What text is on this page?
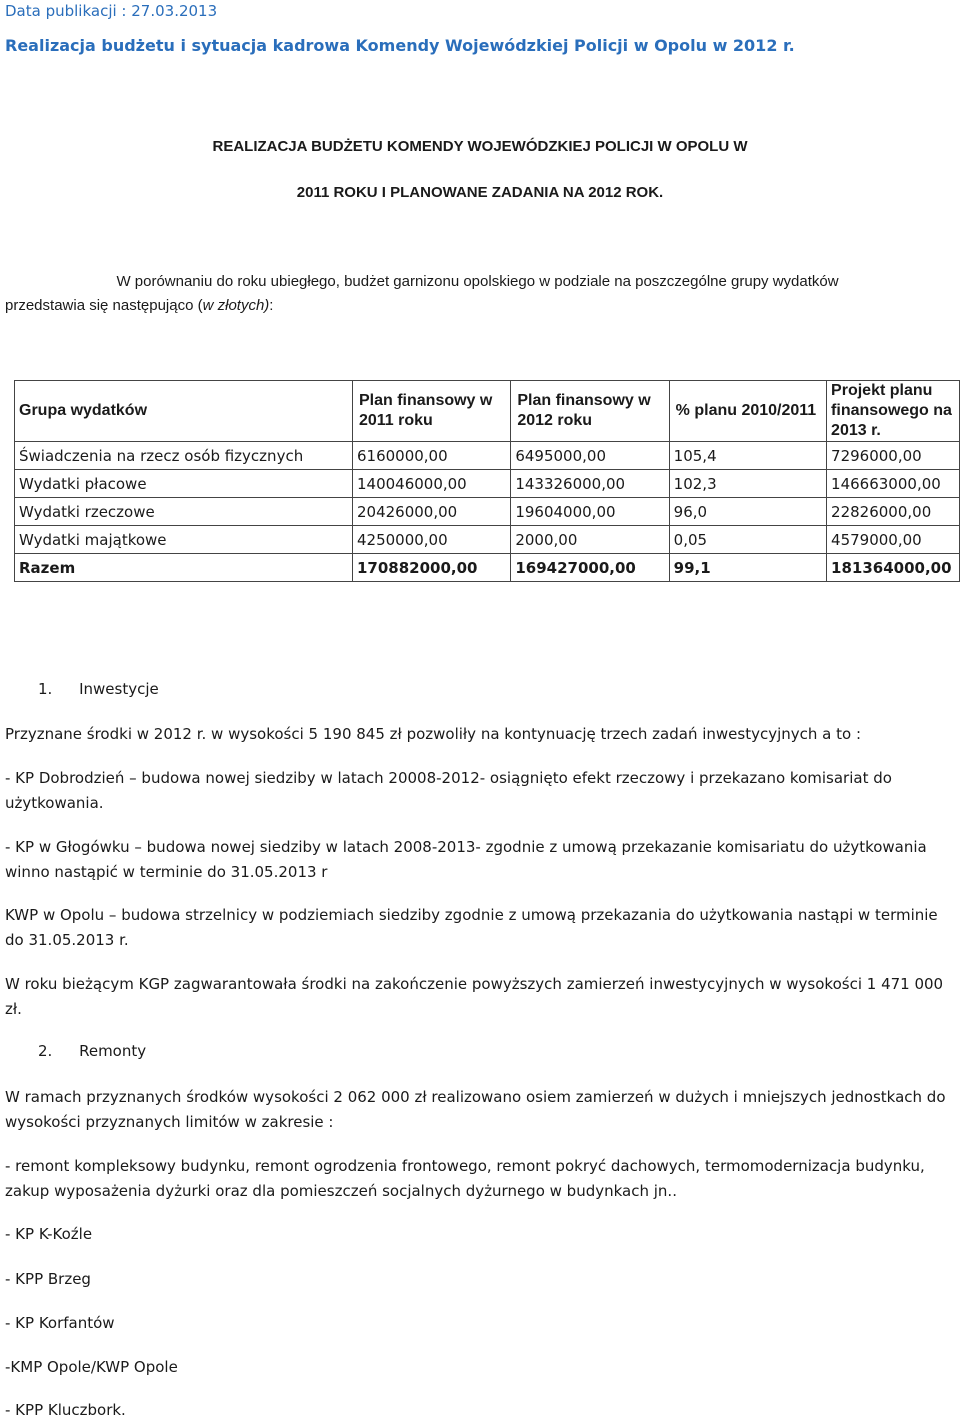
Data publikacji : 27.03.2013
Realizacja budżetu i sytuacja kadrowa Komendy Wojewódzkiej Policji w Opolu w 2012 r.
REALIZACJA BUDŻETU KOMENDY WOJEWÓDZKIEJ POLICJI W OPOLU W
2011 ROKU I PLANOWANE ZADANIA NA 2012 ROK.
W porównaniu do roku ubiegłego, budżet garnizonu opolskiego w podziale na poszczególne grupy wydatków
przedstawia się następująco (w złotych):
Grupa wydatków	Plan finansowy w 2011 roku	Plan finansowy w 2012 roku	% planu 2010/2011	Projekt planu finansowego na 2013 r.
Świadczenia na rzecz osób fizycznych	6160000,00	6495000,00	105,4	7296000,00
Wydatki płacowe	140046000,00	143326000,00	102,3	146663000,00
Wydatki rzeczowe	20426000,00	19604000,00	96,0	22826000,00
Wydatki majątkowe	4250000,00	2000,00	0,05	4579000,00
Razem	170882000,00	169427000,00	99,1	181364000,00
1. Inwestycje
Przyznane środki w 2012 r. w wysokości 5 190 845 zł pozwoliły na kontynuację trzech zadań inwestycyjnych a to :
- KP Dobrodzień – budowa nowej siedziby w latach 20008-2012- osiągnięto efekt rzeczowy i przekazano komisariat do użytkowania.
- KP w Głogówku – budowa nowej siedziby w latach 2008-2013- zgodnie z umową przekazanie komisariatu do użytkowania winno nastąpić w terminie do 31.05.2013 r
KWP w Opolu – budowa strzelnicy w podziemiach siedziby zgodnie z umową przekazania do użytkowania nastąpi w terminie do 31.05.2013 r.
W roku bieżącym KGP zagwarantowała środki na zakończenie powyższych zamierzeń inwestycyjnych w wysokości 1 471 000 zł.
2. Remonty
W ramach przyznanych środków wysokości 2 062 000 zł realizowano osiem zamierzeń w dużych i mniejszych jednostkach do wysokości przyznanych limitów w zakresie :
- remont kompleksowy budynku, remont ogrodzenia frontowego, remont pokryć dachowych, termomodernizacja budynku, zakup wyposażenia dyżurki oraz dla pomieszczeń socjalnych dyżurnego w budynkach jn..
- KP K-Koźle
- KPP Brzeg
- KP Korfantów
-KMP Opole/KWP Opole
- KPP Kluczbork.
